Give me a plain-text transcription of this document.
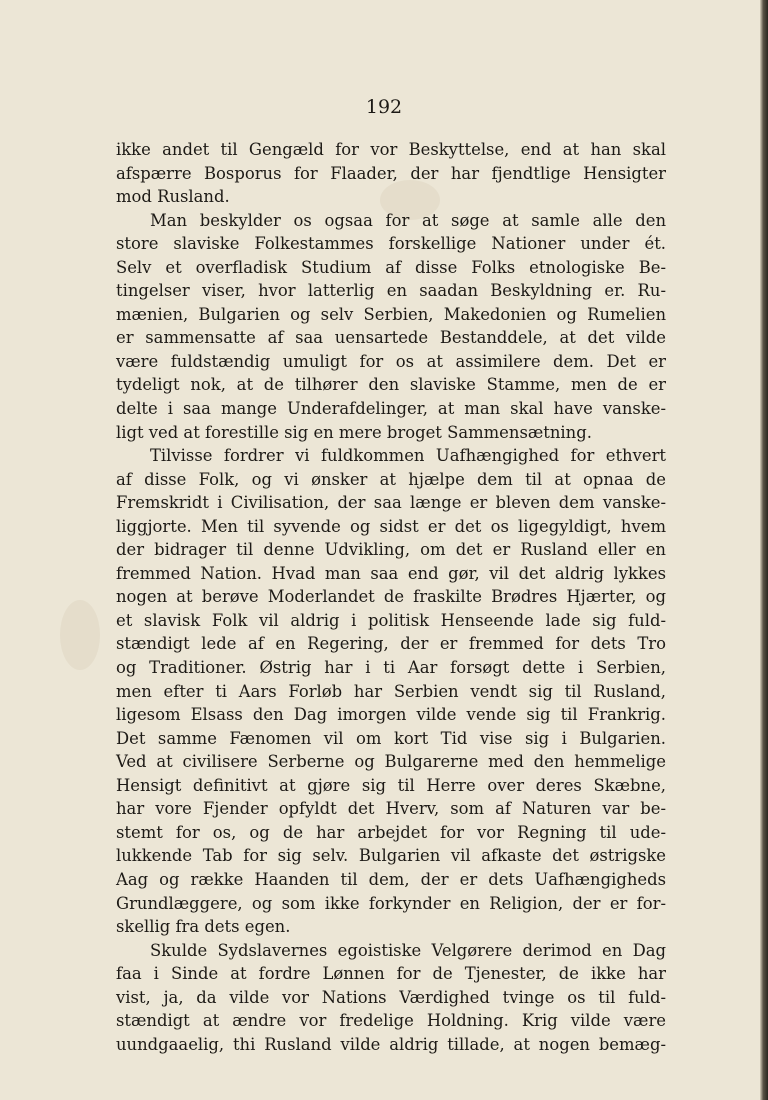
192
ikke andet til Gengæld for vor Beskyttelse, end at han skal
afspærre Bosporus for Flaader, der har fjendtlige Hensigter
mod Rusland.
Man beskylder os ogsaa for at søge at samle alle den
store slaviske Folkestammes forskellige Nationer under ét.
Selv et overfladisk Studium af disse Folks etnologiske Be-
tingelser viser, hvor latterlig en saadan Beskyldning er. Ru-
mænien, Bulgarien og selv Serbien, Makedonien og Rumelien
er sammensatte af saa uensartede Bestanddele, at det vilde
være fuldstændig umuligt for os at assimilere dem. Det er
tydeligt nok, at de tilhører den slaviske Stamme, men de er
delte i saa mange Underafdelinger, at man skal have vanske-
ligt ved at forestille sig en mere broget Sammensætning.
Tilvisse fordrer vi fuldkommen Uafhængighed for ethvert
af disse Folk, og vi ønsker at hjælpe dem til at opnaa de
Fremskridt i Civilisation, der saa længe er bleven dem vanske-
liggjorte. Men til syvende og sidst er det os ligegyldigt, hvem
der bidrager til denne Udvikling, om det er Rusland eller en
fremmed Nation. Hvad man saa end gør, vil det aldrig lykkes
nogen at berøve Moderlandet de fraskilte Brødres Hjærter, og
et slavisk Folk vil aldrig i politisk Henseende lade sig fuld-
stændigt lede af en Regering, der er fremmed for dets Tro
og Traditioner. Østrig har i ti Aar forsøgt dette i Serbien,
men efter ti Aars Forløb har Serbien vendt sig til Rusland,
ligesom Elsass den Dag imorgen vilde vende sig til Frankrig.
Det samme Fænomen vil om kort Tid vise sig i Bulgarien.
Ved at civilisere Serberne og Bulgarerne med den hemmelige
Hensigt definitivt at gjøre sig til Herre over deres Skæbne,
har vore Fjender opfyldt det Hverv, som af Naturen var be-
stemt for os, og de har arbejdet for vor Regning til ude-
lukkende Tab for sig selv. Bulgarien vil afkaste det østrigske
Aag og række Haanden til dem, der er dets Uafhængigheds
Grundlæggere, og som ikke forkynder en Religion, der er for-
skellig fra dets egen.
Skulde Sydslavernes egoistiske Velgørere derimod en Dag
faa i Sinde at fordre Lønnen for de Tjenester, de ikke har
vist, ja, da vilde vor Nations Værdighed tvinge os til fuld-
stændigt at ændre vor fredelige Holdning. Krig vilde være
uundgaaelig, thi Rusland vilde aldrig tillade, at nogen bemæg-
